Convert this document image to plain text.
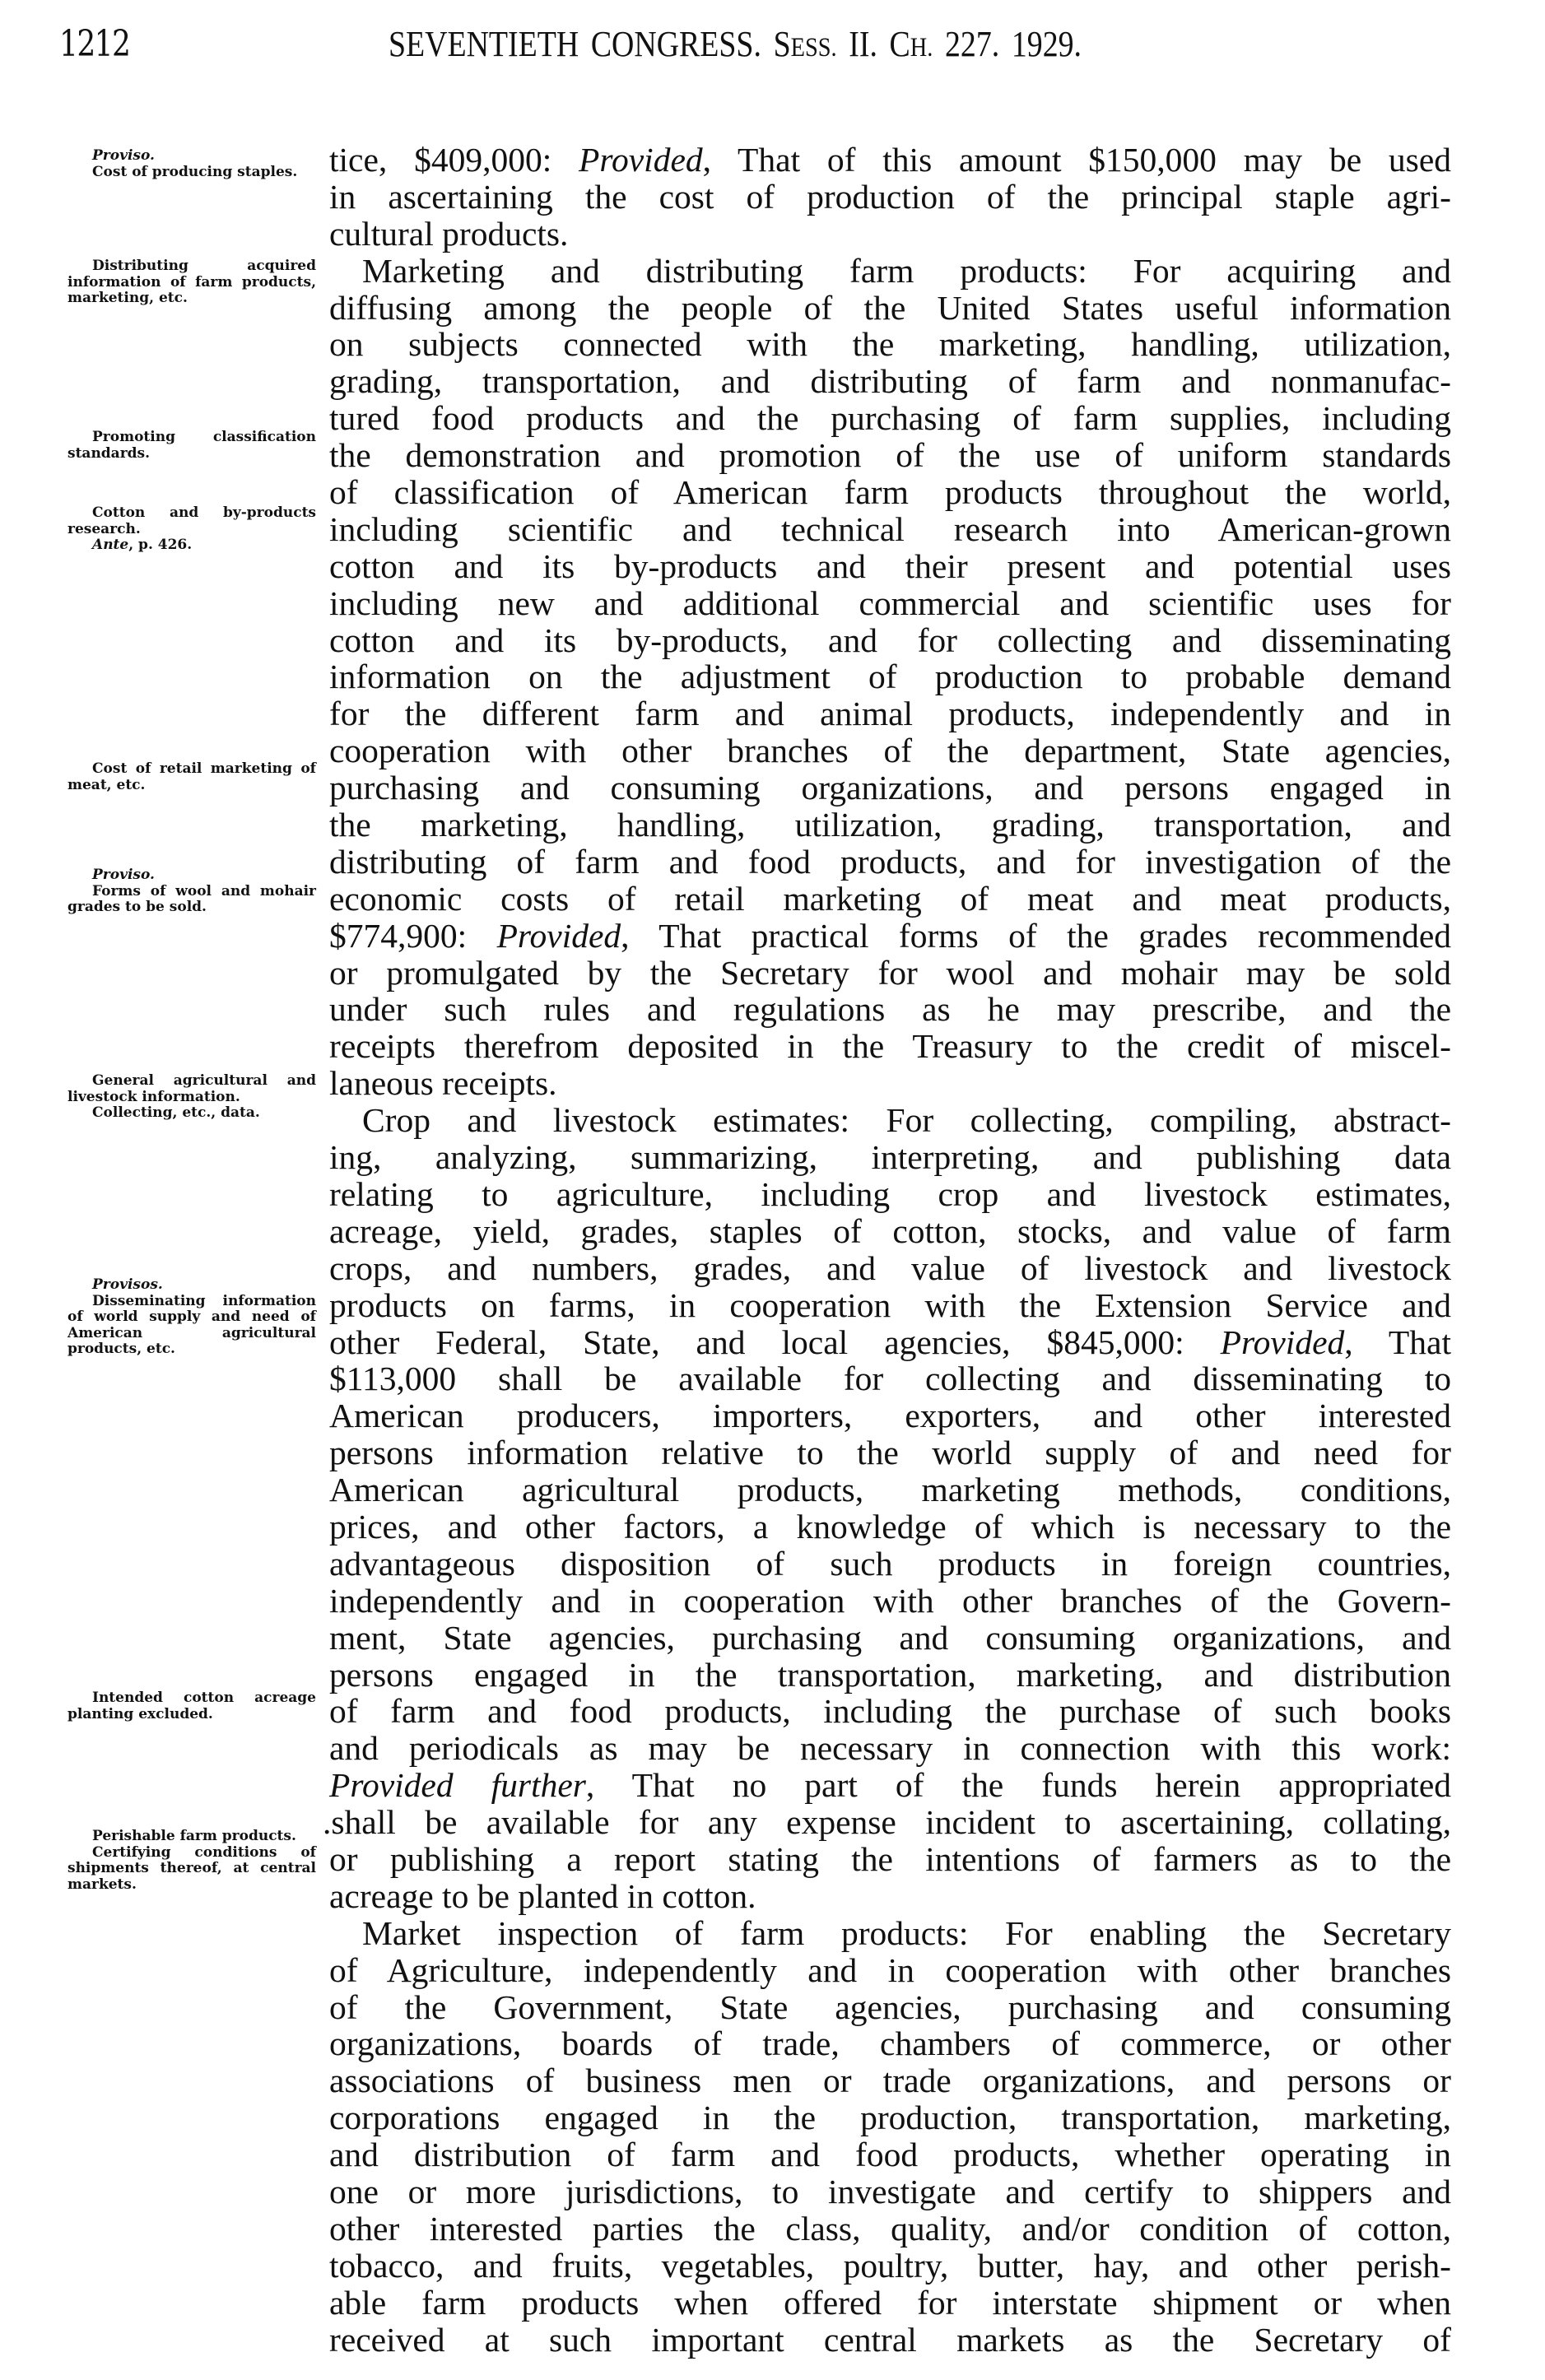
1212	SEVENTIETH CONGRESS. SESS. II. CH. 227. 1929.
Proviso.
Cost of producing staples.
Distributing acquired information of farm products, marketing, etc.
Promoting classification standards.
Cotton and by-products research.
Ante, p. 426.
Cost of retail marketing of meat, etc.
Proviso.
Forms of wool and mohair grades to be sold.
General agricultural and livestock information.
Collecting, etc., data.
Provisos.
Disseminating information of world supply and need of American agricultural products, etc.
Intended cotton acreage planting excluded.
Perishable farm products.
Certifying conditions of shipments thereof, at central markets.
tice, $409,000: Provided, That of this amount $150,000 may be used
in ascertaining the cost of production of the principal staple agri-
cultural products.
Marketing and distributing farm products: For acquiring and
diffusing among the people of the United States useful information
on subjects connected with the marketing, handling, utilization,
grading, transportation, and distributing of farm and nonmanufac-
tured food products and the purchasing of farm supplies, including
the demonstration and promotion of the use of uniform standards
of classification of American farm products throughout the world,
including scientific and technical research into American-grown
cotton and its by-products and their present and potential uses
including new and additional commercial and scientific uses for
cotton and its by-products, and for collecting and disseminating
information on the adjustment of production to probable demand
for the different farm and animal products, independently and in
cooperation with other branches of the department, State agencies,
purchasing and consuming organizations, and persons engaged in
the marketing, handling, utilization, grading, transportation, and
distributing of farm and food products, and for investigation of the
economic costs of retail marketing of meat and meat products,
$774,900: Provided, That practical forms of the grades recommended
or promulgated by the Secretary for wool and mohair may be sold
under such rules and regulations as he may prescribe, and the
receipts therefrom deposited in the Treasury to the credit of miscel-
laneous receipts.
Crop and livestock estimates: For collecting, compiling, abstract-
ing, analyzing, summarizing, interpreting, and publishing data
relating to agriculture, including crop and livestock estimates,
acreage, yield, grades, staples of cotton, stocks, and value of farm
crops, and numbers, grades, and value of livestock and livestock
products on farms, in cooperation with the Extension Service and
other Federal, State, and local agencies, $845,000: Provided, That
$113,000 shall be available for collecting and disseminating to
American producers, importers, exporters, and other interested
persons information relative to the world supply of and need for
American agricultural products, marketing methods, conditions,
prices, and other factors, a knowledge of which is necessary to the
advantageous disposition of such products in foreign countries,
independently and in cooperation with other branches of the Govern-
ment, State agencies, purchasing and consuming organizations, and
persons engaged in the transportation, marketing, and distribution
of farm and food products, including the purchase of such books
and periodicals as may be necessary in connection with this work:
Provided further, That no part of the funds herein appropriated
.shall be available for any expense incident to ascertaining, collating,
or publishing a report stating the intentions of farmers as to the
acreage to be planted in cotton.
Market inspection of farm products: For enabling the Secretary
of Agriculture, independently and in cooperation with other branches
of the Government, State agencies, purchasing and consuming
organizations, boards of trade, chambers of commerce, or other
associations of business men or trade organizations, and persons or
corporations engaged in the production, transportation, marketing,
and distribution of farm and food products, whether operating in
one or more jurisdictions, to investigate and certify to shippers and
other interested parties the class, quality, and/or condition of cotton,
tobacco, and fruits, vegetables, poultry, butter, hay, and other perish-
able farm products when offered for interstate shipment or when
received at such important central markets as the Secretary of
